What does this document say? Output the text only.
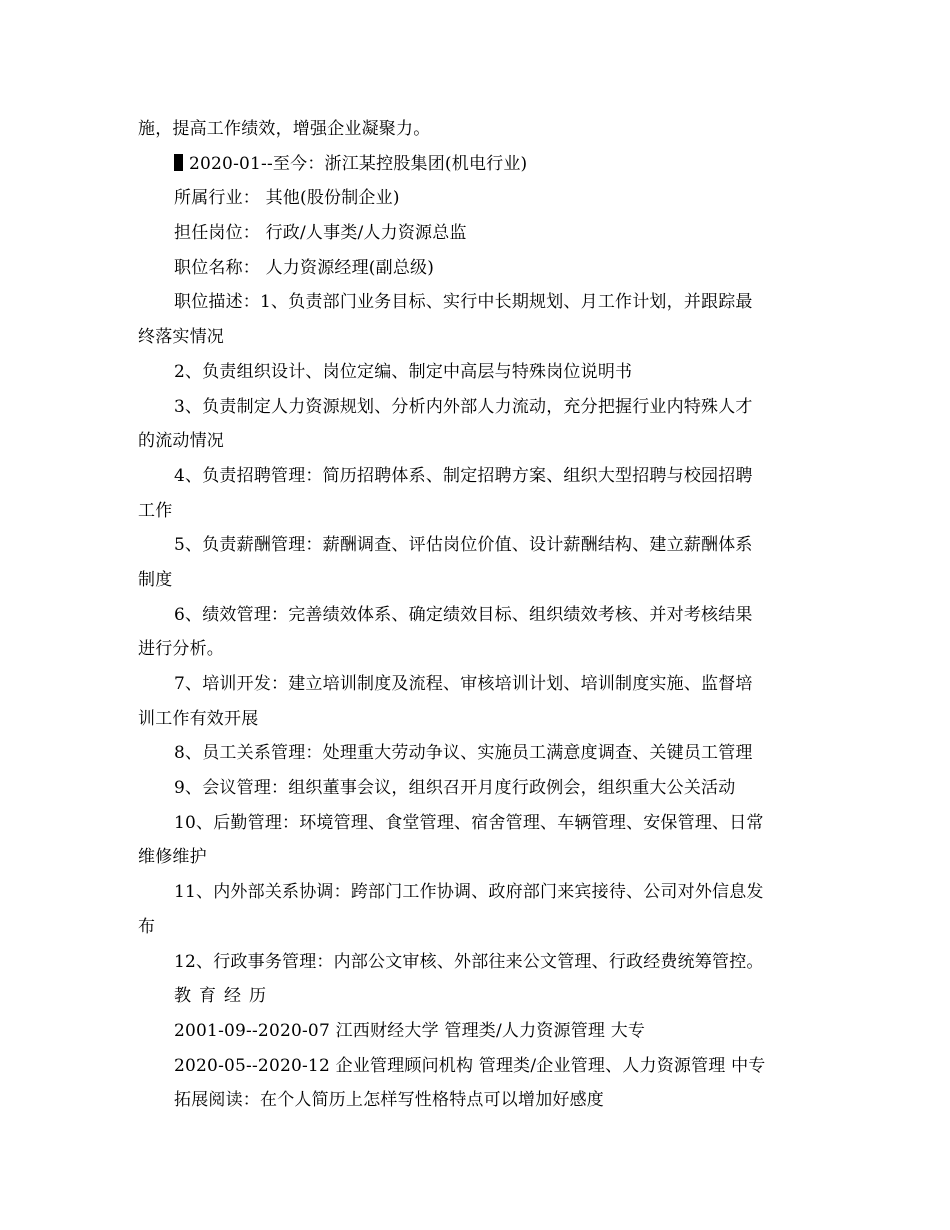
施，提高工作绩效，增强企业凝聚力。
2020-01--至今：浙江某控股集团(机电行业)
所属行业： 其他(股份制企业)
担任岗位： 行政/人事类/人力资源总监
职位名称： 人力资源经理(副总级)
职位描述：1、负责部门业务目标、实行中长期规划、月工作计划，并跟踪最
终落实情况
2、负责组织设计、岗位定编、制定中高层与特殊岗位说明书
3、负责制定人力资源规划、分析内外部人力流动，充分把握行业内特殊人才
的流动情况
4、负责招聘管理：简历招聘体系、制定招聘方案、组织大型招聘与校园招聘
工作
5、负责薪酬管理：薪酬调查、评估岗位价值、设计薪酬结构、建立薪酬体系
制度
6、绩效管理：完善绩效体系、确定绩效目标、组织绩效考核、并对考核结果
进行分析。
7、培训开发：建立培训制度及流程、审核培训计划、培训制度实施、监督培
训工作有效开展
8、员工关系管理：处理重大劳动争议、实施员工满意度调查、关键员工管理
9、会议管理：组织董事会议，组织召开月度行政例会，组织重大公关活动
10、后勤管理：环境管理、食堂管理、宿舍管理、车辆管理、安保管理、日常
维修维护
11、内外部关系协调：跨部门工作协调、政府部门来宾接待、公司对外信息发
布
12、行政事务管理：内部公文审核、外部往来公文管理、行政经费统筹管控。
教育经历
2001-09--2020-07 江西财经大学 管理类/人力资源管理 大专
2020-05--2020-12 企业管理顾问机构 管理类/企业管理、人力资源管理 中专
拓展阅读：在个人简历上怎样写性格特点可以增加好感度
